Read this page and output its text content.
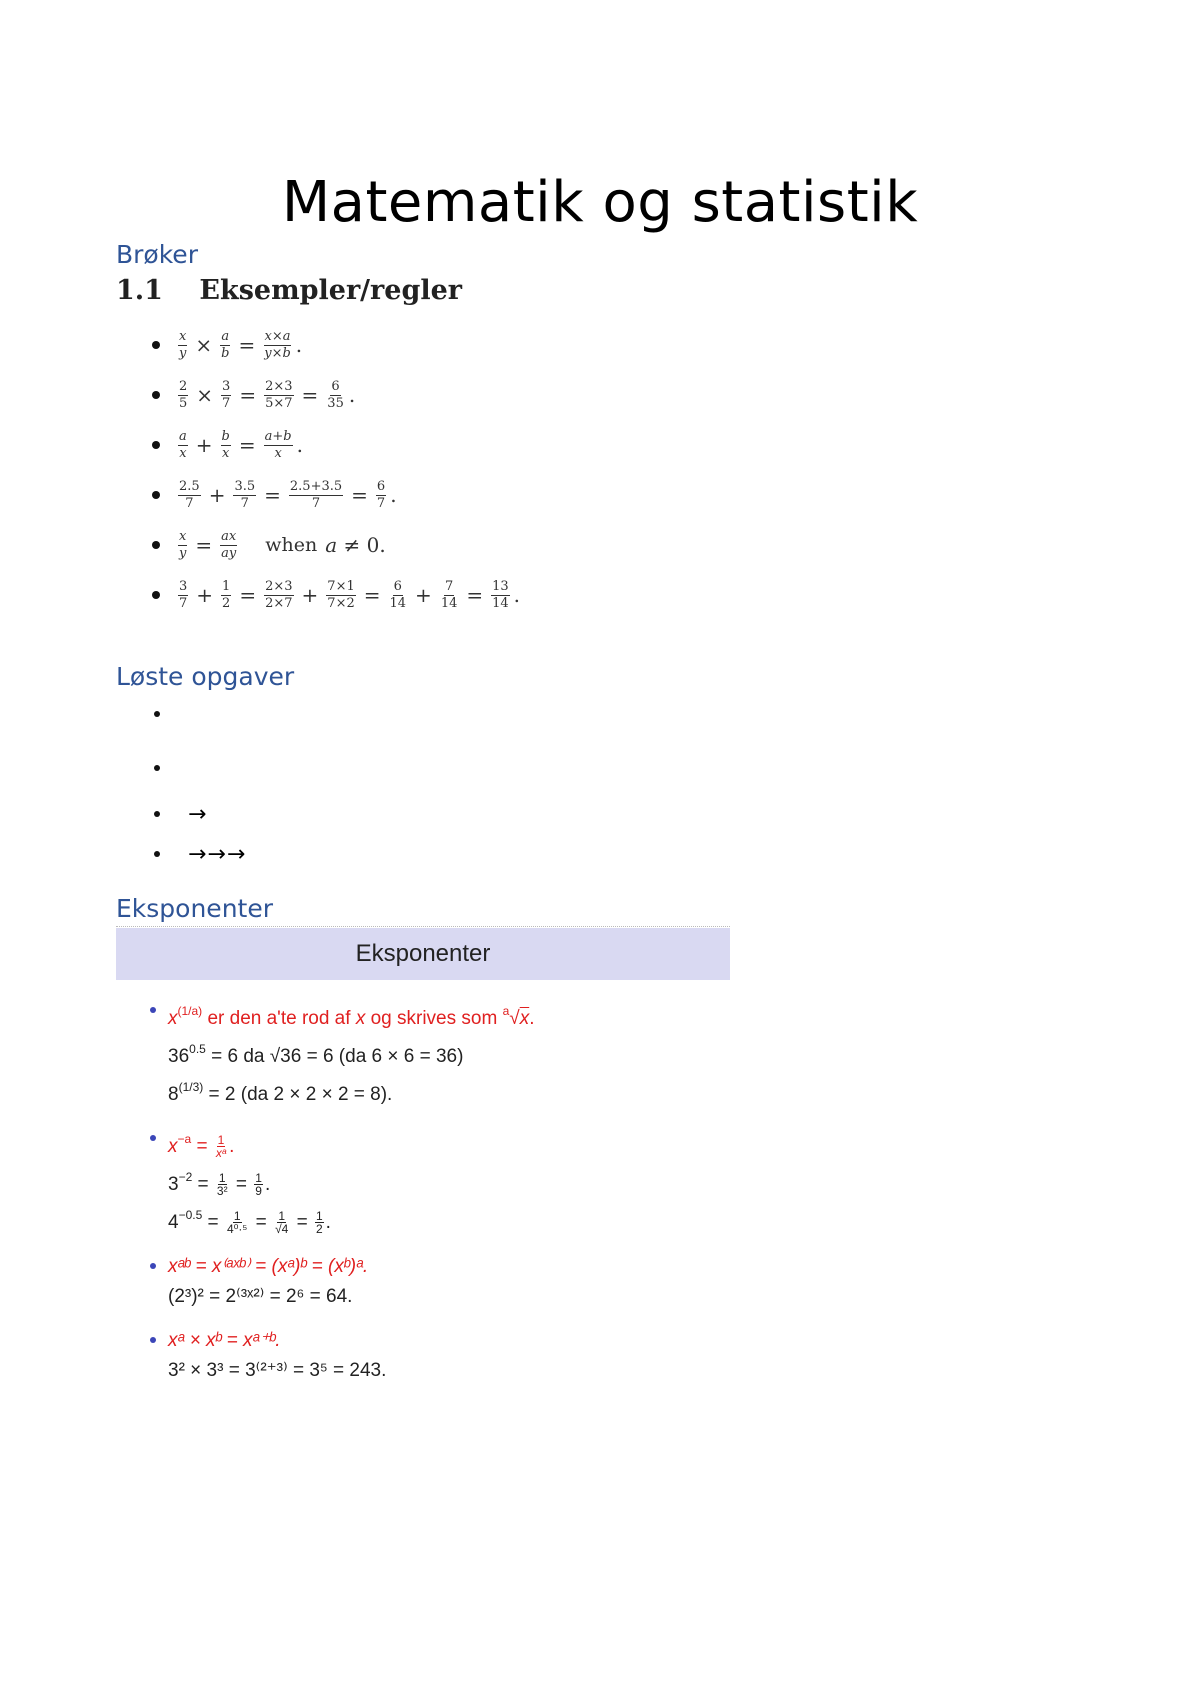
Matematik og statistik
Brøker
1.1 Eksempler/regler
$\frac{x}{y} \times \frac{a}{b} = \frac{x\times a}{y\times b}$ .
$\frac{2}{5} \times \frac{3}{7} = \frac{2\times 3}{5\times 7} = \frac{6}{35}$ .
$\frac{a}{x} + \frac{b}{x} = \frac{a+b}{x}$ .
$\frac{2.5}{7} + \frac{3.5}{7} = \frac{2.5+3.5}{7} = \frac{6}{7}$ .
$\frac{x}{y} = \frac{ax}{ay}$ when a ≠ 0.
$\frac{3}{7} + \frac{1}{2} = \frac{2\times 3}{2\times 7} + \frac{7\times 1}{7\times 2} = \frac{6}{14} + \frac{7}{14} = \frac{13}{14}$ .
Løste opgaver
→
→→→
Eksponenter
Eksponenter
$x^{(1/a)}$ er den a'te rod af x og skrives som $^a$√x.
$36^{0.5} = 6$ da √36 = 6 (da 6 × 6 = 36)
$8^{(1/3)} = 2$ (da 2 × 2 × 2 = 8).
$x^{-a} = \frac{1}{\text{xᵃ}}$ .
$3^{-2} = \frac{1}{\text{3²}} = \frac{1}{9}$ .
$4^{-0.5} = \frac{1}{\text{4⁰·⁵}} = \frac{1}{√4} = \frac{1}{2}$ .
xᵃᵇ = x⁽ᵃˣᵇ⁾ = (xᵃ)ᵇ = (xᵇ)ᵃ.
(2³)² = 2⁽³ˣ²⁾ = 2⁶ = 64.
xᵃ × xᵇ = xᵃ⁺ᵇ.
3² × 3³ = 3⁽²⁺³⁾ = 3⁵ = 243.
